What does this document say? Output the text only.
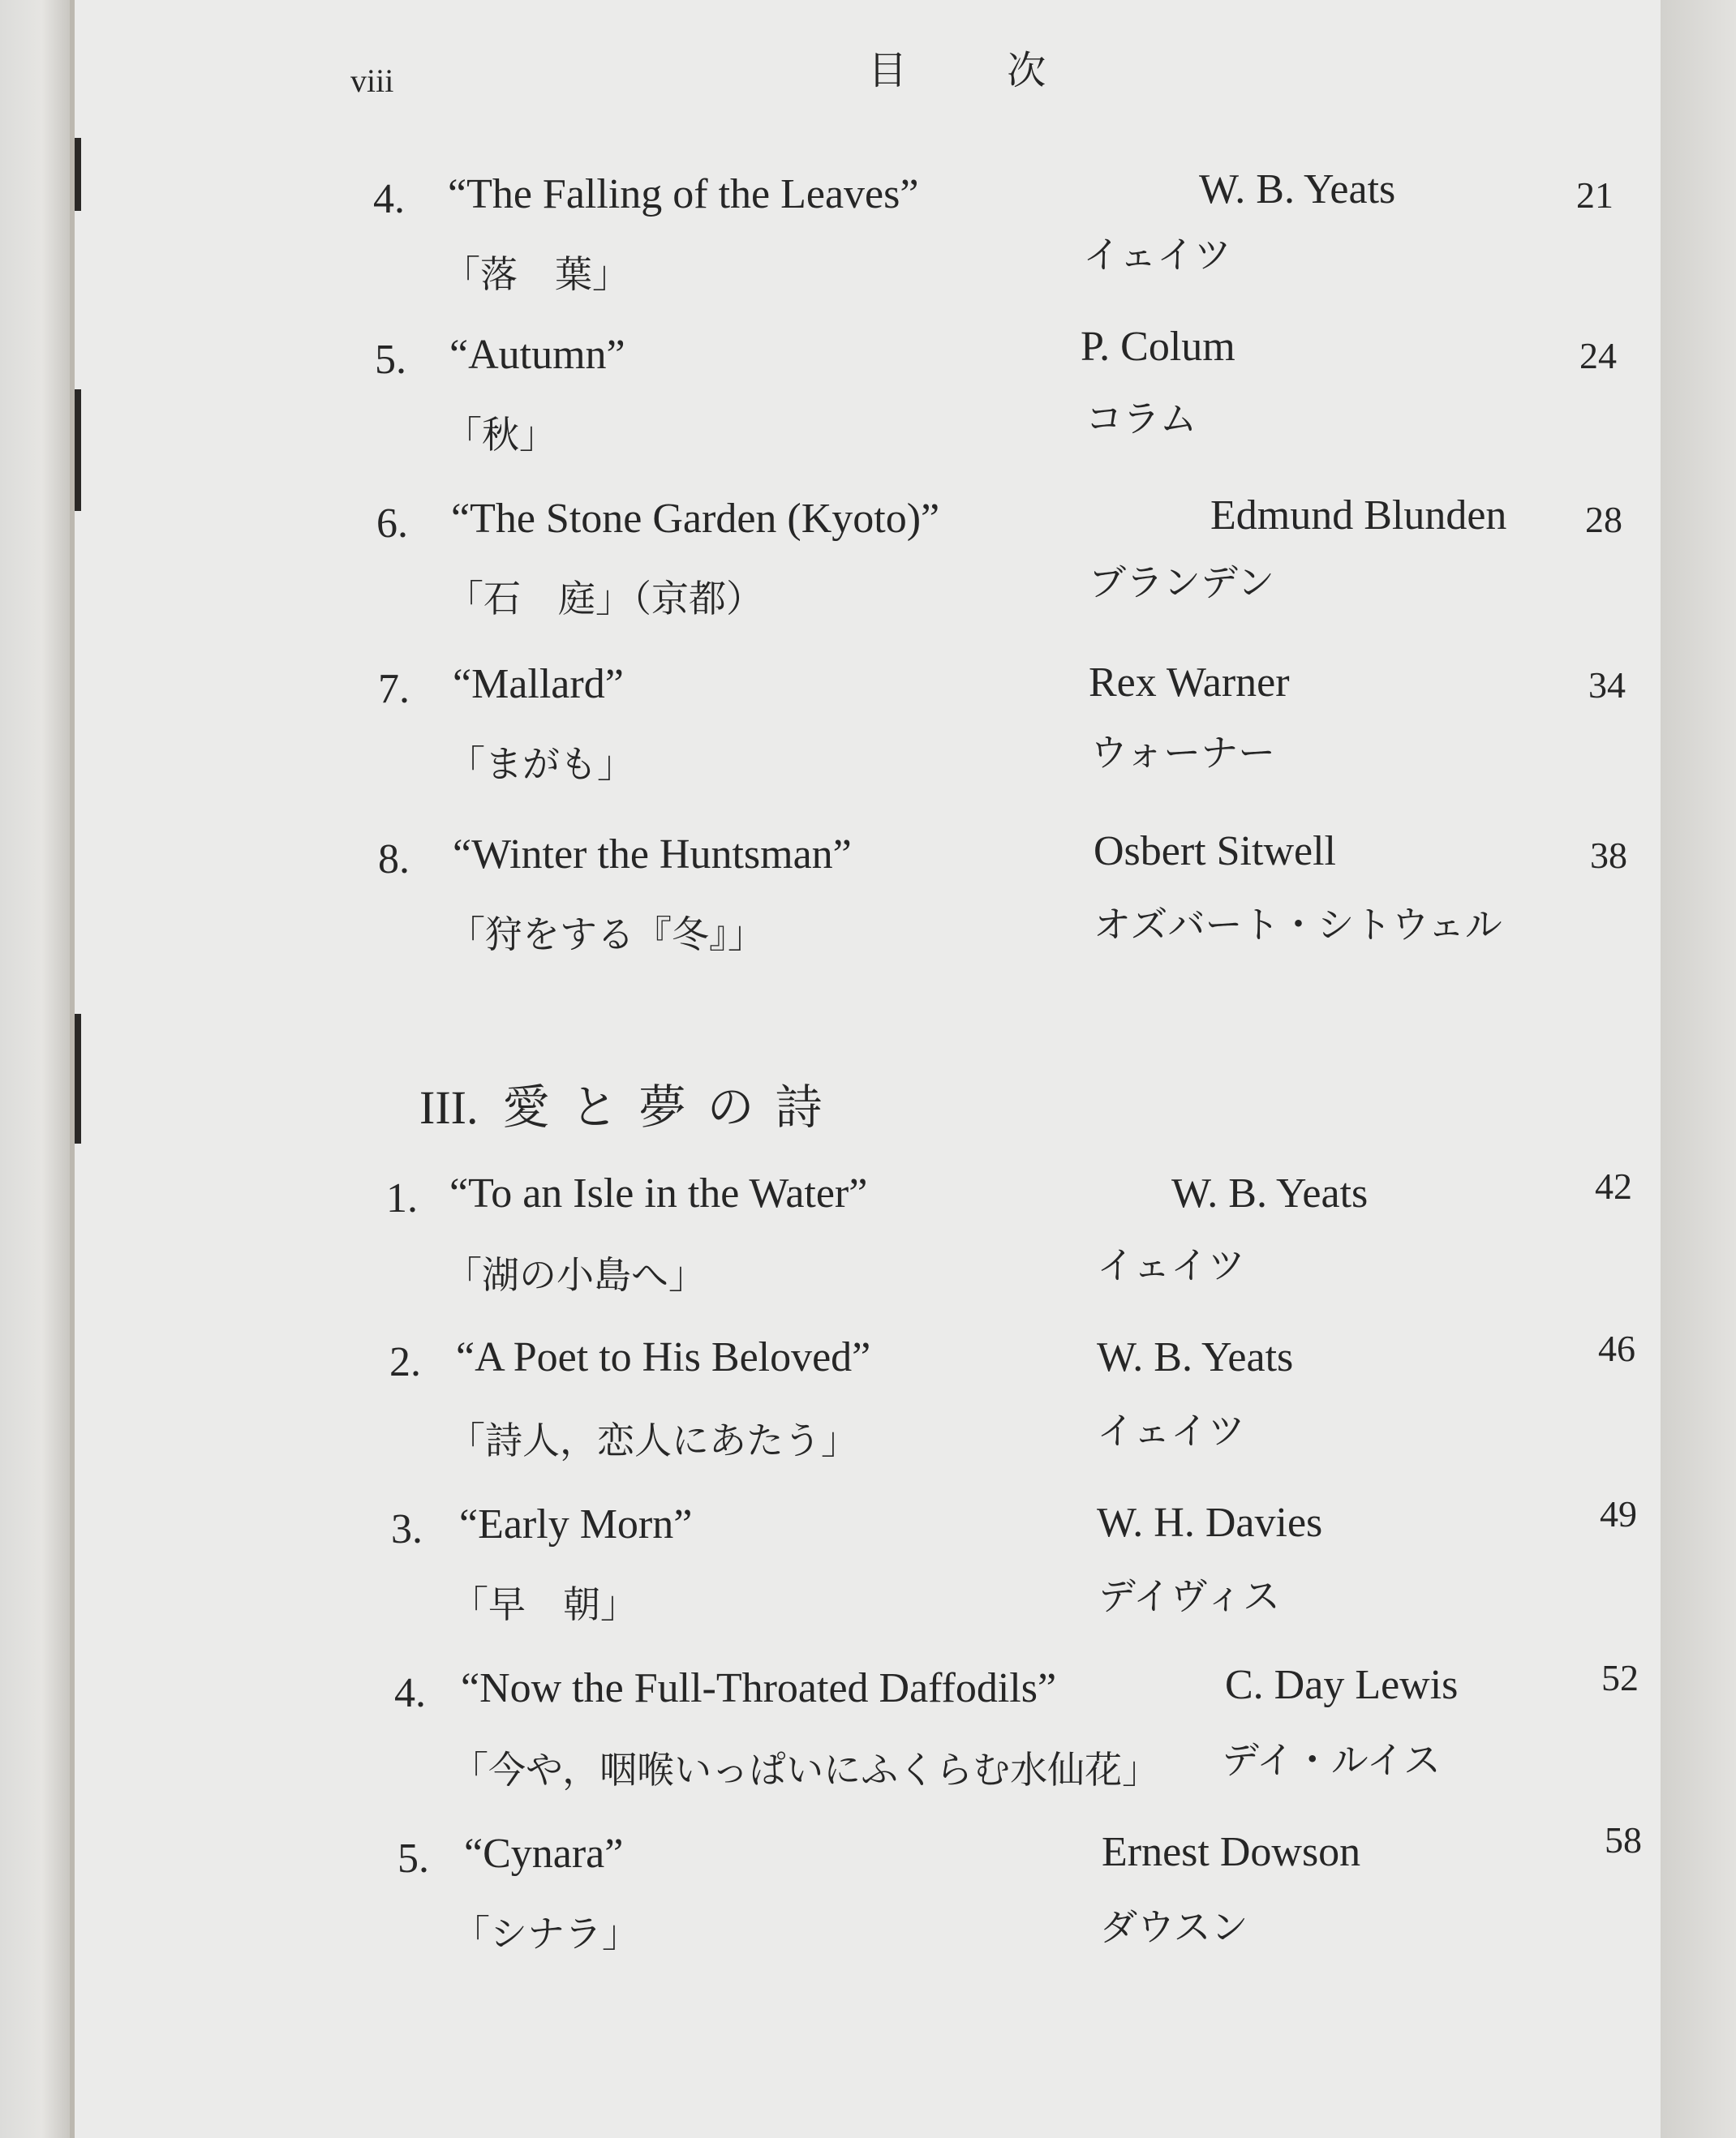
viii	目 次
4. “The Falling of the Leaves”	W. B. Yeats	21
「落　葉」	イェイツ
5. “Autumn”	P. Colum	24
「秋」	コラム
6. “The Stone Garden (Kyoto)”	Edmund Blunden 28
「石　庭」（京都）	ブランデン
7. “Mallard”	Rex Warner	34
「まがも」	ウォーナー
8. “Winter the Huntsman”	Osbert Sitwell	38
「狩をする『冬』」	オズバート・シトウェル
III. 愛と夢の詩
1. “To an Isle in the Water”	W. B. Yeats	42
「湖の小島へ」	イェイツ
2. “A Poet to His Beloved”	W. B. Yeats	46
「詩人，恋人にあたう」	イェイツ
3. “Early Morn”	W. H. Davies	49
「早　朝」	デイヴィス
4. “Now the Full-Throated Daffodils”	C. Day Lewis	52
「今や，咽喉いっぱいにふくらむ水仙花」 デイ・ルイス
5. “Cynara”	Ernest Dowson	58
「シナラ」	ダウスン
